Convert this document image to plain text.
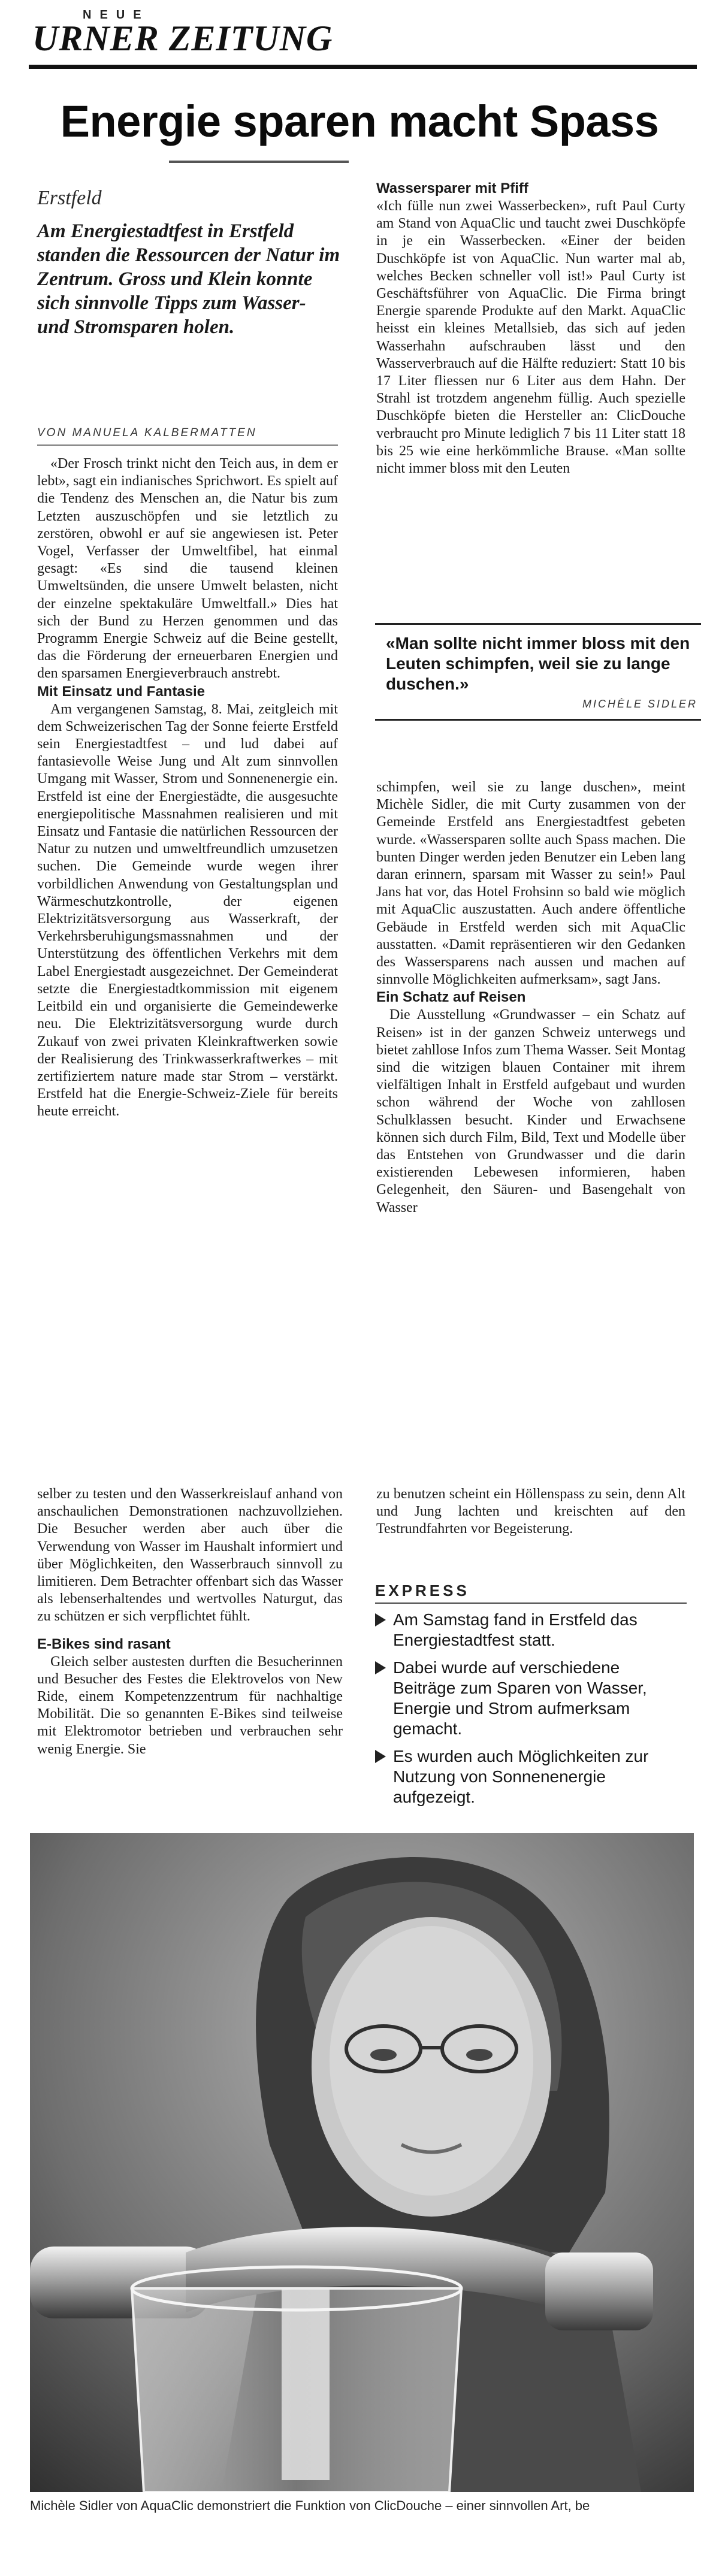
NEUE
URNER ZEITUNG
Energie sparen macht Spass
Erstfeld
Am Energiestadtfest in Erstfeld standen die Ressourcen der Natur im Zentrum. Gross und Klein konnte sich sinnvolle Tipps zum Wasser- und Stromsparen holen.
VON MANUELA KALBERMATTEN

«Der Frosch trinkt nicht den Teich aus, in dem er lebt», sagt ein indianisches Sprichwort. Es spielt auf die Tendenz des Menschen an, die Natur bis zum Letzten auszuschöpfen und sie letztlich zu zerstören, obwohl er auf sie angewiesen ist. Peter Vogel, Verfasser der Umweltfibel, hat einmal gesagt: «Es sind die tausend kleinen Umweltsünden, die unsere Umwelt belasten, nicht der einzelne spektakuläre Umweltfall.» Dies hat sich der Bund zu Herzen genommen und das Programm Energie Schweiz auf die Beine gestellt, das die Förderung der erneuerbaren Energien und den sparsamen Energieverbrauch anstrebt.

Mit Einsatz und Fantasie

Am vergangenen Samstag, 8. Mai, zeitgleich mit dem Schweizerischen Tag der Sonne feierte Erstfeld sein Energiestadtfest – und lud dabei auf fantasievolle Weise Jung und Alt zum sinnvollen Umgang mit Wasser, Strom und Sonnenenergie ein. Erstfeld ist eine der Energiestädte, die ausgesuchte energiepolitische Massnahmen realisieren und mit Einsatz und Fantasie die natürlichen Ressourcen der Natur zu nutzen und umweltfreundlich umzusetzen suchen. Die Gemeinde wurde wegen ihrer vorbildlichen Anwendung von Gestaltungsplan und Wärmeschutzkontrolle, der eigenen Elektrizitätsversorgung aus Wasserkraft, der Verkehrsberuhigungsmassnahmen und der Unterstützung des öffentlichen Verkehrs mit dem Label Energiestadt ausgezeichnet. Der Gemeinderat setzte die Energiestadtkommission mit eigenem Leitbild ein und organisierte die Gemeindewerke neu. Die Elektrizitätsversorgung wurde durch Zukauf von zwei privaten Kleinkraftwerken sowie der Realisierung des Trinkwasserkraftwerkes – mit zertifiziertem nature made star Strom – verstärkt. Erstfeld hat die Energie-Schweiz-Ziele für bereits heute erreicht.

Wassersparer mit Pfiff

«Ich fülle nun zwei Wasserbecken», ruft Paul Curty am Stand von AquaClic und taucht zwei Duschköpfe in je ein Wasserbecken. «Einer der beiden Duschköpfe ist von AquaClic. Nun warter mal ab, welches Becken schneller voll ist!» Paul Curty ist Geschäftsführer von AquaClic. Die Firma bringt Energie sparende Produkte auf den Markt. AquaClic heisst ein kleines Metallsieb, das sich auf jeden Wasserhahn aufschrauben lässt und den Wasserverbrauch auf die Hälfte reduziert: Statt 10 bis 17 Liter fliessen nur 6 Liter aus dem Hahn. Der Strahl ist trotzdem angenehm füllig. Auch spezielle Duschköpfe bieten die Hersteller an: ClicDouche verbraucht pro Minute lediglich 7 bis 11 Liter statt 18 bis 25 wie eine herkömmliche Brause. «Man sollte nicht immer bloss mit den Leuten

«Man sollte nicht immer bloss mit den Leuten schimpfen, weil sie zu lange duschen.»
MICHÈLE SIDLER

schimpfen, weil sie zu lange duschen», meint Michèle Sidler, die mit Curty zusammen von der Gemeinde Erstfeld ans Energiestadtfest gebeten wurde. «Wassersparen sollte auch Spass machen. Die bunten Dinger werden jeden Benutzer ein Leben lang daran erinnern, sparsam mit Wasser zu sein!» Paul Jans hat vor, das Hotel Frohsinn so bald wie möglich mit AquaClic auszustatten. Auch andere öffentliche Gebäude in Erstfeld werden sich mit AquaClic ausstatten. «Damit repräsentieren wir den Gedanken des Wassersparens nach aussen und machen auf sinnvolle Möglichkeiten aufmerksam», sagt Jans.

Ein Schatz auf Reisen

Die Ausstellung «Grundwasser – ein Schatz auf Reisen» ist in der ganzen Schweiz unterwegs und bietet zahllose Infos zum Thema Wasser. Seit Montag sind die witzigen blauen Container mit ihrem vielfältigen Inhalt in Erstfeld aufgebaut und wurden schon während der Woche von zahllosen Schulklassen besucht. Kinder und Erwachsene können sich durch Film, Bild, Text und Modelle über das Entstehen von Grundwasser und die darin existierenden Lebewesen informieren, haben Gelegenheit, den Säuren- und Basengehalt von Wasser

selber zu testen und den Wasserkreislauf anhand von anschaulichen Demonstrationen nachzuvollziehen. Die Besucher werden aber auch über die Verwendung von Wasser im Haushalt informiert und über Möglichkeiten, den Wasserbrauch sinnvoll zu limitieren. Dem Betrachter offenbart sich das Wasser als lebenserhaltendes und wertvolles Naturgut, das zu schützen er sich verpflichtet fühlt.

E-Bikes sind rasant

Gleich selber austesten durften die Besucherinnen und Besucher des Festes die Elektrovelos von New Ride, einem Kompetenzzentrum für nachhaltige Mobilität. Die so genannten E-Bikes sind teilweise mit Elektromotor betrieben und verbrauchen sehr wenig Energie. Sie

zu benutzen scheint ein Höllenspass zu sein, denn Alt und Jung lachten und kreischten auf den Testrundfahrten vor Begeisterung.

EXPRESS
Am Samstag fand in Erstfeld das Energiestadtfest statt.
Dabei wurde auf verschiedene Beiträge zum Sparen von Wasser, Energie und Strom aufmerksam gemacht.
Es wurden auch Möglichkeiten zur Nutzung von Sonnenenergie aufgezeigt.
Michèle Sidler von AquaClic demonstriert die Funktion von ClicDouche – einer sinnvollen Art, be
